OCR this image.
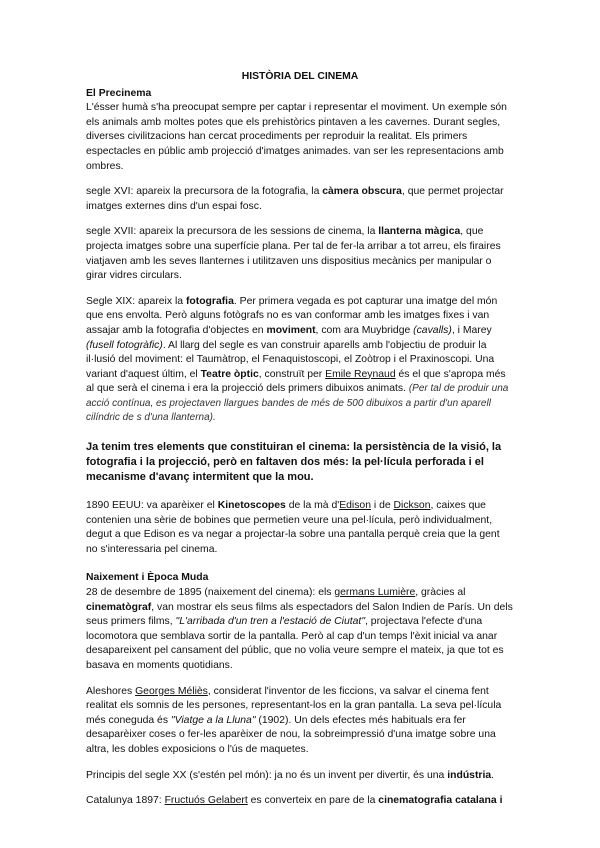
HISTÒRIA DEL CINEMA
El Precinema

L'ésser humà s'ha preocupat sempre per captar i representar el moviment. Un exemple són els animals amb moltes potes que els prehistòrics pintaven a les cavernes. Durant segles, diverses civilitzacions han cercat procediments per reproduir la realitat. Els primers espectacles en públic amb projecció d'imatges animades. van ser les representacions amb ombres.

segle XVI: apareix la precursora de la fotografia, la càmera obscura, que permet projectar imatges externes dins d'un espai fosc.

segle XVII: apareix la precursora de les sessions de cinema, la llanterna màgica, que projecta imatges sobre una superfície plana. Per tal de fer-la arribar a tot arreu, els firaires viatjaven amb les seves llanternes i utilitzaven uns dispositius mecànics per manipular o girar vidres circulars.

Segle XIX: apareix la fotografia. Per primera vegada es pot capturar una imatge del món que ens envolta. Però alguns fotògrafs no es van conformar amb les imatges fixes i van assajar amb la fotografia d'objectes en moviment, com ara Muybridge (cavalls), i Marey (fusell fotogràfic). Al llarg del segle es van construir aparells amb l'objectiu de produir la il·lusió del moviment: el Taumàtrop, el Fenaquistoscopi, el Zoòtrop i el Praxinoscopi. Una variant d'aquest últim, el Teatre òptic, construït per Emile Reynaud és el que s'apropa més al que serà el cinema i era la projecció dels primers dibuixos animats. (Per tal de produir una acció contínua, es projectaven llargues bandes de més de 500 dibuixos a partir d'un aparell cilíndric de s d'una llanterna).

Ja tenim tres elements que constituiran el cinema: la persistència de la visió, la fotografia i la projecció, però en faltaven dos més: la pel·lícula perforada i el mecanisme d'avanç intermitent que la mou.

1890 EEUU: va aparèixer el Kinetoscopes de la mà d'Edison i de Dickson, caixes que contenien una sèrie de bobines que permetien veure una pel·lícula, però individualment, degut a que Edison es va negar a projectar-la sobre una pantalla perquè creia que la gent no s'interessaria pel cinema.

Naixement i Època Muda

28 de desembre de 1895 (naixement del cinema): els germans Lumière, gràcies al cinematògraf, van mostrar els seus films als espectadors del Salon Indien de París. Un dels seus primers films, "L'arribada d'un tren a l'estació de Ciutat", projectava l'efecte d'una locomotora que semblava sortir de la pantalla. Però al cap d'un temps l'èxit inicial va anar desapareixent pel cansament del públic, que no volia veure sempre el mateix, ja que tot es basava en moments quotidians.

Aleshores Georges Méliès, considerat l'inventor de les ficcions, va salvar el cinema fent realitat els somnis de les persones, representant-los en la gran pantalla. La seva pel·lícula més coneguda és "Viatge a la Lluna" (1902). Un dels efectes més habituals era fer desaparèixer coses o fer-les aparèixer de nou, la sobreimpressió d'una imatge sobre una altra, les dobles exposicions o l'ús de maquetes.

Principis del segle XX (s'estén pel món): ja no és un invent per divertir, és una indústria.

Catalunya 1897: Fructuós Gelabert es converteix en pare de la cinematografia catalana i
